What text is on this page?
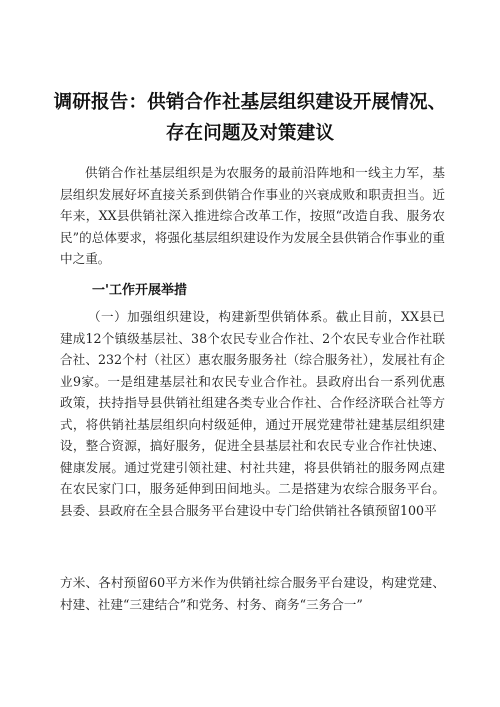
调研报告：供销合作社基层组织建设开展情况、
存在问题及对策建议

供销合作社基层组织是为农服务的最前沿阵地和一线主力军，基层组织发展好坏直接关系到供销合作事业的兴衰成败和职责担当。近年来，XX县供销社深入推进综合改革工作，按照“改造自我、服务农民”的总体要求，将强化基层组织建设作为发展全县供销合作事业的重中之重。

一'工作开展举措

（一）加强组织建设，构建新型供销体系。截止目前，XX县已建成12个镇级基层社、38个农民专业合作社、2个农民专业合作社联合社、232个村（社区）惠农服务服务社（综合服务社），发展社有企业9家。一是组建基层社和农民专业合作社。县政府出台一系列优惠政策，扶持指导县供销社组建各类专业合作社、合作经济联合社等方式，将供销社基层组织向村级延伸，通过开展党建带社建基层组织建设，整合资源，搞好服务，促进全县基层社和农民专业合作社快速、健康发展。通过党建引领社建、村社共建，将县供销社的服务网点建在农民家门口，服务延伸到田间地头。二是搭建为农综合服务平台。县委、县政府在全县合服务平台建设中专门给供销社各镇预留100平

方米、各村预留60平方米作为供销社综合服务平台建设，构建党建、村建、社建“三建结合”和党务、村务、商务“三务合一”
